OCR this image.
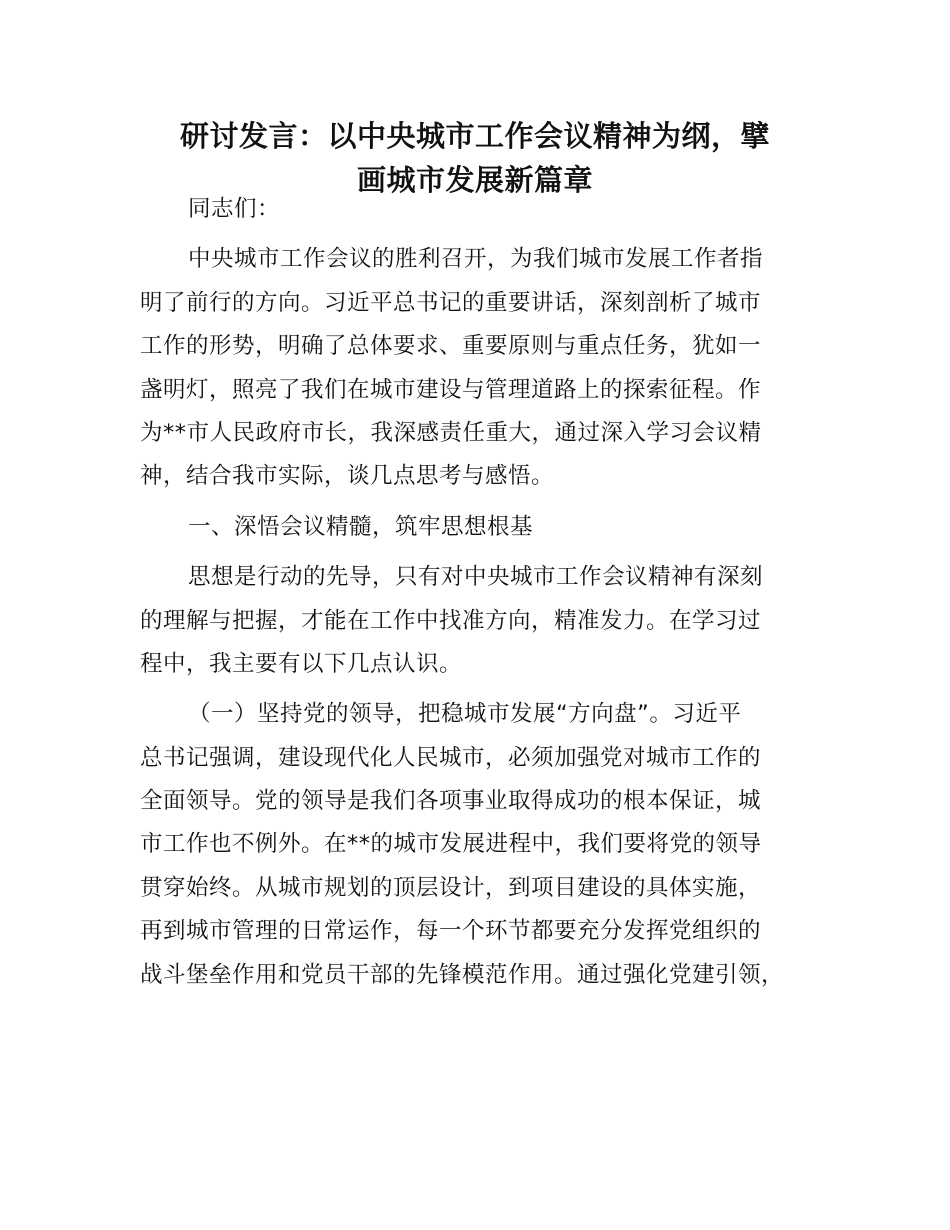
研讨发言：以中央城市工作会议精神为纲，擘
画城市发展新篇章

同志们：

中央城市工作会议的胜利召开，为我们城市发展工作者指
明了前行的方向。习近平总书记的重要讲话，深刻剖析了城市
工作的形势，明确了总体要求、重要原则与重点任务，犹如一
盏明灯，照亮了我们在城市建设与管理道路上的探索征程。作
为**市人民政府市长，我深感责任重大，通过深入学习会议精
神，结合我市实际，谈几点思考与感悟。

一、深悟会议精髓，筑牢思想根基

思想是行动的先导，只有对中央城市工作会议精神有深刻
的理解与把握，才能在工作中找准方向，精准发力。在学习过
程中，我主要有以下几点认识。

（一）坚持党的领导，把稳城市发展“方向盘”。习近平
总书记强调，建设现代化人民城市，必须加强党对城市工作的
全面领导。党的领导是我们各项事业取得成功的根本保证，城
市工作也不例外。在**的城市发展进程中，我们要将党的领导
贯穿始终。从城市规划的顶层设计，到项目建设的具体实施，
再到城市管理的日常运作，每一个环节都要充分发挥党组织的
战斗堡垒作用和党员干部的先锋模范作用。通过强化党建引领，
